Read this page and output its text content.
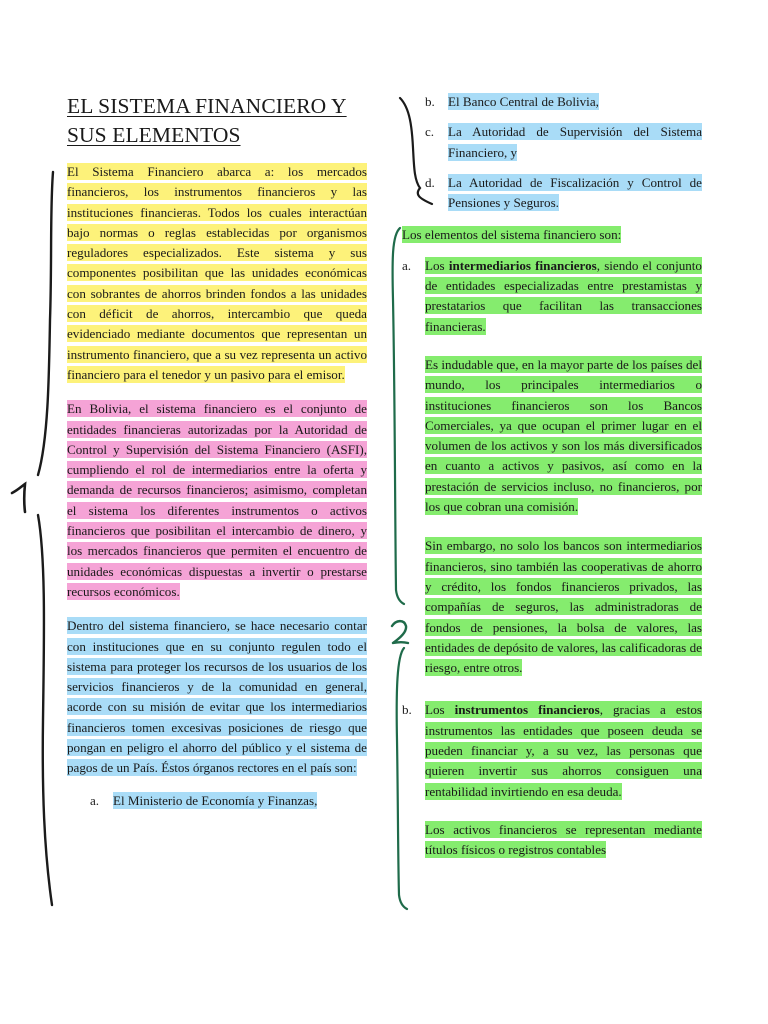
EL SISTEMA FINANCIERO Y SUS ELEMENTOS

El Sistema Financiero abarca a: los mercados financieros, los instrumentos financieros y las instituciones financieras. Todos los cuales interactúan bajo normas o reglas establecidas por organismos reguladores especializados. Este sistema y sus componentes posibilitan que las unidades económicas con sobrantes de ahorros brinden fondos a las unidades con déficit de ahorros, intercambio que queda evidenciado mediante documentos que representan un instrumento financiero, que a su vez representa un activo financiero para el tenedor y un pasivo para el emisor.

En Bolivia, el sistema financiero es el conjunto de entidades financieras autorizadas por la Autoridad de Control y Supervisión del Sistema Financiero (ASFI), cumpliendo el rol de intermediarios entre la oferta y demanda de recursos financieros; asimismo, completan el sistema los diferentes instrumentos o activos financieros que posibilitan el intercambio de dinero, y los mercados financieros que permiten el encuentro de unidades económicas dispuestas a invertir o prestarse recursos económicos.

Dentro del sistema financiero, se hace necesario contar con instituciones que en su conjunto regulen todo el sistema para proteger los recursos de los usuarios de los servicios financieros y de la comunidad en general, acorde con su misión de evitar que los intermediarios financieros tomen excesivas posiciones de riesgo que pongan en peligro el ahorro del público y el sistema de pagos de un País. Éstos órganos rectores en el país son:

a.	El Ministerio de Economía y Finanzas,
b.	El Banco Central de Bolivia,
c.	La Autoridad de Supervisión del Sistema Financiero, y
d.	La Autoridad de Fiscalización y Control de Pensiones y Seguros.

Los elementos del sistema financiero son:

a.	Los intermediarios financieros, siendo el conjunto de entidades especializadas entre prestamistas y prestatarios que facilitan las transacciones financieras.

Es indudable que, en la mayor parte de los países del mundo, los principales intermediarios o instituciones financieros son los Bancos Comerciales, ya que ocupan el primer lugar en el volumen de los activos y son los más diversificados en cuanto a activos y pasivos, así como en la prestación de servicios incluso, no financieros, por los que cobran una comisión.

Sin embargo, no solo los bancos son intermediarios financieros, sino también las cooperativas de ahorro y crédito, los fondos financieros privados, las compañías de seguros, las administradoras de fondos de pensiones, la bolsa de valores, las entidades de depósito de valores, las calificadoras de riesgo, entre otros.

b.	Los instrumentos financieros, gracias a estos instrumentos las entidades que poseen deuda se pueden financiar y, a su vez, las personas que quieren invertir sus ahorros consiguen una rentabilidad invirtiendo en esa deuda.

Los activos financieros se representan mediante títulos físicos o registros contables
